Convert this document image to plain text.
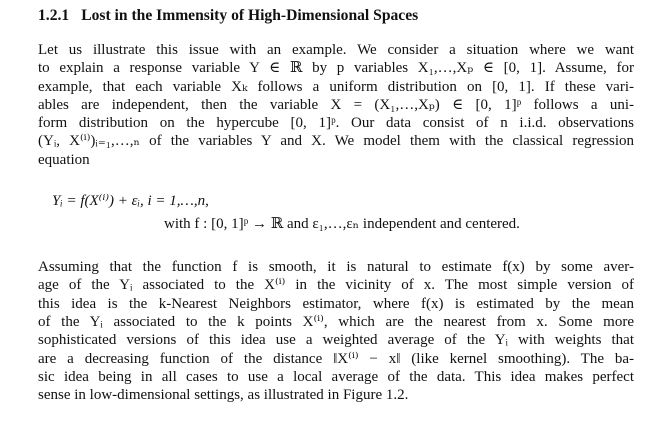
1.2.1 Lost in the Immensity of High-Dimensional Spaces

Let us illustrate this issue with an example. We consider a situation where we want
to explain a response variable Y ∈ ℝ by p variables X₁,…,Xₚ ∈ [0, 1]. Assume, for
example, that each variable Xₖ follows a uniform distribution on [0, 1]. If these vari-
ables are independent, then the variable X = (X₁,…,Xₚ) ∈ [0, 1]ᵖ follows a uni-
form distribution on the hypercube [0, 1]ᵖ. Our data consist of n i.i.d. observations
(Yᵢ, X⁽ⁱ⁾)ᵢ₌₁,…,ₙ of the variables Y and X. We model them with the classical regression
equation

Yᵢ = f(X⁽ⁱ⁾) + εᵢ, i = 1,…,n,
with f : [0, 1]ᵖ → ℝ and ε₁,…,εₙ independent and centered.

Assuming that the function f is smooth, it is natural to estimate f(x) by some aver-
age of the Yᵢ associated to the X⁽ⁱ⁾ in the vicinity of x. The most simple version of
this idea is the k-Nearest Neighbors estimator, where f(x) is estimated by the mean
of the Yᵢ associated to the k points X⁽ⁱ⁾, which are the nearest from x. Some more
sophisticated versions of this idea use a weighted average of the Yᵢ with weights that
are a decreasing function of the distance ‖X⁽ⁱ⁾ − x‖ (like kernel smoothing). The ba-
sic idea being in all cases to use a local average of the data. This idea makes perfect
sense in low-dimensional settings, as illustrated in Figure 1.2.
